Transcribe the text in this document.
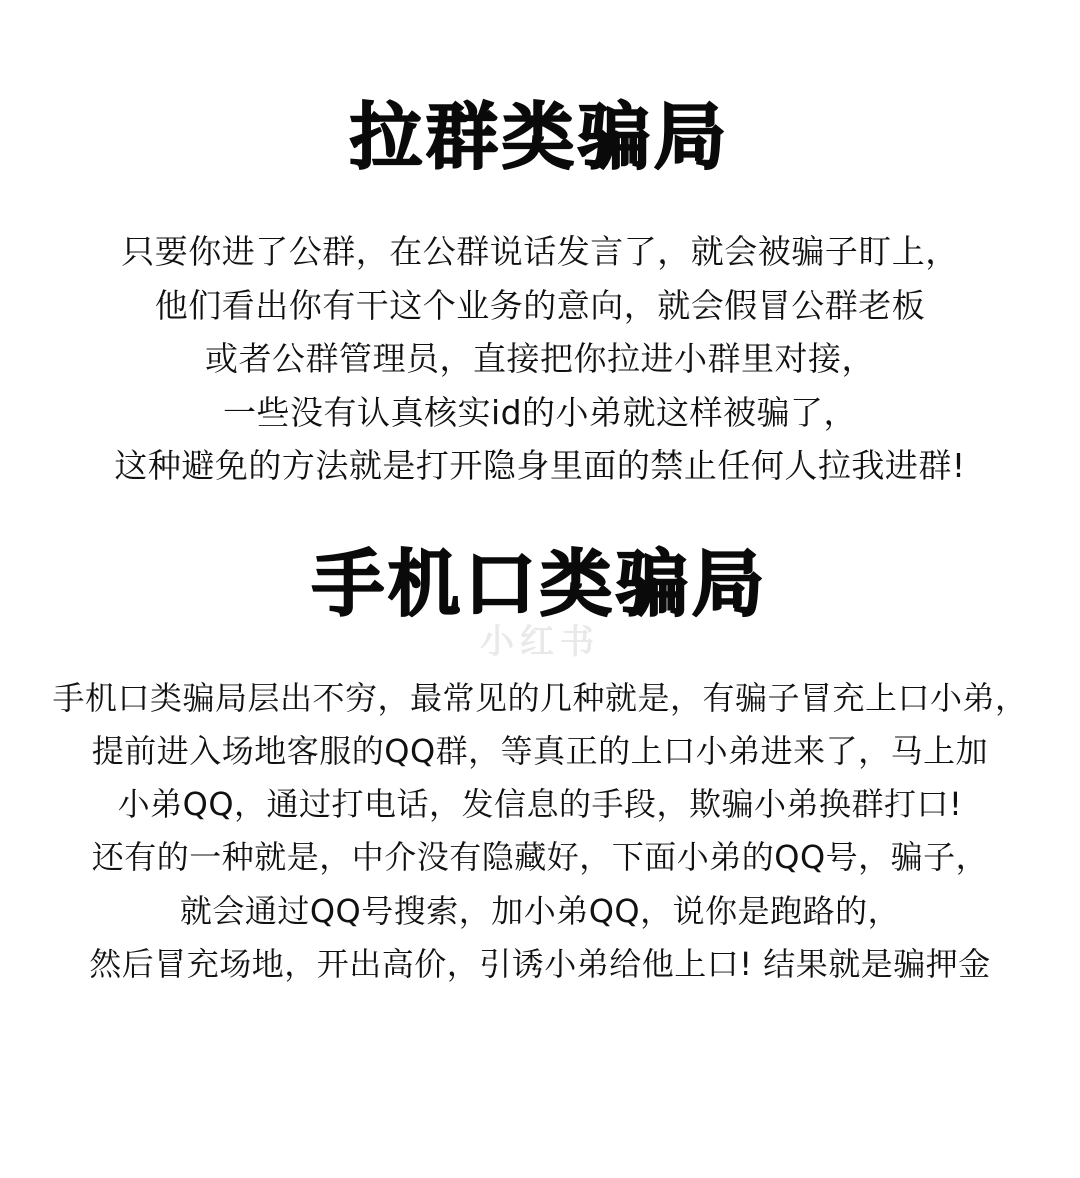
拉群类骗局
只要你进了公群，在公群说话发言了，就会被骗子盯上，
他们看出你有干这个业务的意向，就会假冒公群老板
或者公群管理员，直接把你拉进小群里对接，
一些没有认真核实id的小弟就这样被骗了，
这种避免的方法就是打开隐身里面的禁止任何人拉我进群!
小红书
手机口类骗局
手机口类骗局层出不穷，最常见的几种就是，有骗子冒充上口小弟，
提前进入场地客服的QQ群，等真正的上口小弟进来了，马上加
小弟QQ，通过打电话，发信息的手段，欺骗小弟换群打口!
还有的一种就是，中介没有隐藏好，下面小弟的QQ号，骗子，
就会通过QQ号搜索，加小弟QQ，说你是跑路的，
然后冒充场地，开出高价，引诱小弟给他上口! 结果就是骗押金
